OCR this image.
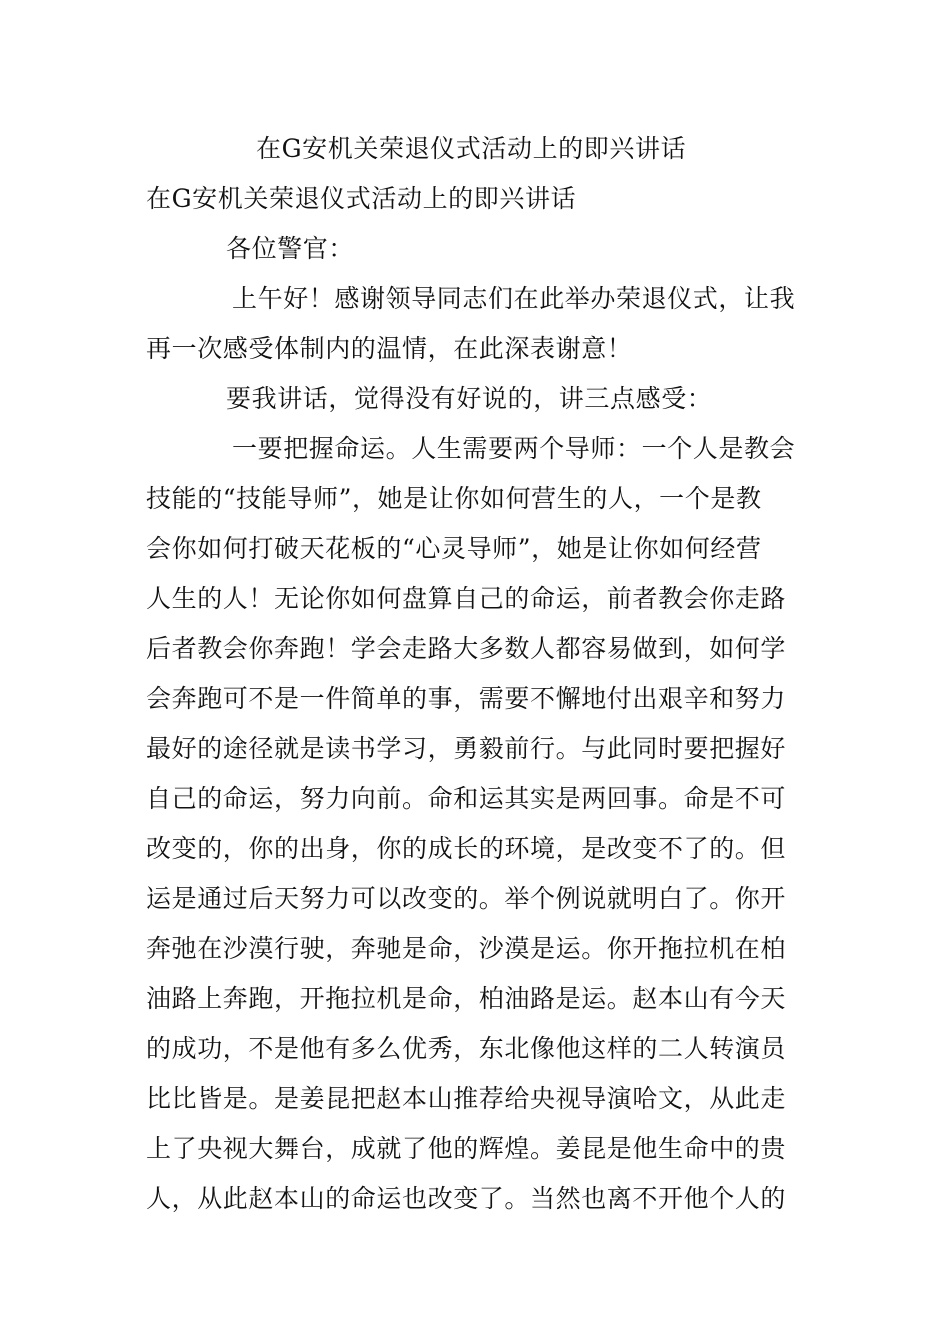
在G安机关荣退仪式活动上的即兴讲话
在G安机关荣退仪式活动上的即兴讲话
各位警官：
上午好！感谢领导同志们在此举办荣退仪式，让我
再一次感受体制内的温情，在此深表谢意！
要我讲话，觉得没有好说的，讲三点感受：
一要把握命运。人生需要两个导师：一个人是教会
技能的“技能导师”，她是让你如何营生的人，一个是教
会你如何打破天花板的“心灵导师”，她是让你如何经营
人生的人！无论你如何盘算自己的命运，前者教会你走路
后者教会你奔跑！学会走路大多数人都容易做到，如何学
会奔跑可不是一件简单的事，需要不懈地付出艰辛和努力
最好的途径就是读书学习，勇毅前行。与此同时要把握好
自己的命运，努力向前。命和运其实是两回事。命是不可
改变的，你的出身，你的成长的环境，是改变不了的。但
运是通过后天努力可以改变的。举个例说就明白了。你开
奔弛在沙漠行驶，奔驰是命，沙漠是运。你开拖拉机在柏
油路上奔跑，开拖拉机是命，柏油路是运。赵本山有今天
的成功，不是他有多么优秀，东北像他这样的二人转演员
比比皆是。是姜昆把赵本山推荐给央视导演哈文，从此走
上了央视大舞台，成就了他的辉煌。姜昆是他生命中的贵
人，从此赵本山的命运也改变了。当然也离不开他个人的
